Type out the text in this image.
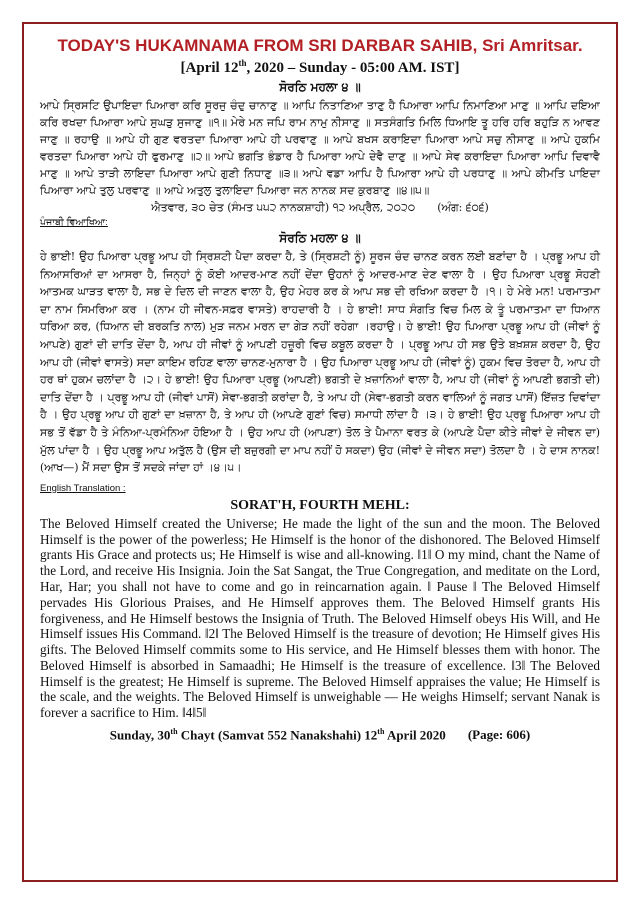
TODAY'S HUKAMNAMA FROM SRI DARBAR SAHIB, Sri Amritsar.
[April 12th, 2020 – Sunday - 05:00 AM. IST]
ਸੋਰਠਿ ਮਹਲਾ ੪ ॥

ਆਪੇ ਸ੍ਰਿਸਟਿ ਉਪਾਇਦਾ ਪਿਆਰਾ ਕਰਿ ਸੂਰਜੁ ਚੰਦੁ ਚਾਨਾਣੁ ॥ ਆਪਿ ਨਿਤਾਣਿਆ ਤਾਣੁ ਹੈ ਪਿਆਰਾ ਆਪਿ ਨਿਮਾਣਿਆ ਮਾਣੁ ॥ ਆਪਿ ਦਇਆ ਕਰਿ ਰਖਦਾ ਪਿਆਰਾ ਆਪੇ ਸੁਘੜੁ ਸੁਜਾਣੁ ॥੧॥ ਮੇਰੇ ਮਨ ਜਪਿ ਰਾਮ ਨਾਮੁ ਨੀਸਾਣੁ ॥ ਸਤਸੰਗਤਿ ਮਿਲਿ ਧਿਆਇ ਤੂ ਹਰਿ ਹਰਿ ਬਹੁੜਿ ਨ ਆਵਣ ਜਾਣੁ ॥ ਰਹਾਉ ॥ ਆਪੇ ਹੀ ਗੁਣ ਵਰਤਦਾ ਪਿਆਰਾ ਆਪੇ ਹੀ ਪਰਵਾਣੁ ॥ ਆਪੇ ਬਖਸ ਕਰਾਇਦਾ ਪਿਆਰਾ ਆਪੇ ਸਚੁ ਨੀਸਾਣੁ ॥ ਆਪੇ ਹੁਕਮਿ ਵਰਤਦਾ ਪਿਆਰਾ ਆਪੇ ਹੀ ਫੁਰਮਾਣੁ ॥੨॥ ਆਪੇ ਭਗਤਿ ਭੰਡਾਰ ਹੈ ਪਿਆਰਾ ਆਪੇ ਦੇਵੈ ਦਾਣੁ ॥ ਆਪੇ ਸੇਵ ਕਰਾਇਦਾ ਪਿਆਰਾ ਆਪਿ ਦਿਵਾਵੈ ਮਾਣੁ ॥ ਆਪੇ ਤਾੜੀ ਲਾਇਦਾ ਪਿਆਰਾ ਆਪੇ ਗੁਣੀ ਨਿਧਾਣੁ ॥੩॥ ਆਪੇ ਵਡਾ ਆਪਿ ਹੈ ਪਿਆਰਾ ਆਪੇ ਹੀ ਪਰਧਾਣੁ ॥ ਆਪੇ ਕੀਮਤਿ ਪਾਇਦਾ ਪਿਆਰਾ ਆਪੇ ਤੁਲੁ ਪਰਵਾਣੁ ॥ ਆਪੇ ਅਤੁਲੁ ਤੁਲਾਇਦਾ ਪਿਆਰਾ ਜਨ ਨਾਨਕ ਸਦ ਕੁਰਬਾਣੁ ॥੪॥੫॥

ਐਤਵਾਰ, ੩੦ ਚੇਤ (ਸੰਮਤ ੫੫੨ ਨਾਨਕਸ਼ਾਹੀ) ੧੨ ਅਪ੍ਰੈਲ, ੨੦੨੦ (ਅੰਗ: ੬੦੬)
ਪੰਜਾਬੀ ਵਿਆਖਿਆ:
ਸੋਰਠਿ ਮਹਲਾ ੪ ॥

ਹੇ ਭਾਈ! ਉਹ ਪਿਆਰਾ ਪ੍ਰਭੂ ਆਪ ਹੀ ਸ੍ਰਿਸ਼ਟੀ ਪੈਦਾ ਕਰਦਾ ਹੈ, ਤੇ (ਸ੍ਰਿਸ਼ਟੀ ਨੂੰ) ਸੂਰਜ ਚੰਦ ਚਾਨਣ ਕਰਨ ਲਈ ਬਣਾਂਦਾ ਹੈ । ਪ੍ਰਭੂ ਆਪ ਹੀ ਨਿਆਸਰਿਆਂ ਦਾ ਆਸਰਾ ਹੈ, ਜਿਨ੍ਹਾਂ ਨੂੰ ਕੋਈ ਆਦਰ-ਮਾਣ ਨਹੀਂ ਦੇਂਦਾ ਉਹਨਾਂ ਨੂੰ ਆਦਰ-ਮਾਣ ਦੇਣ ਵਾਲਾ ਹੈ । ਉਹ ਪਿਆਰਾ ਪ੍ਰਭੂ ਸੋਹਣੀ ਆਤਮਕ ਘਾੜਤ ਵਾਲਾ ਹੈ, ਸਭ ਦੇ ਦਿਲ ਦੀ ਜਾਣਨ ਵਾਲਾ ਹੈ, ਉਹ ਮੇਹਰ ਕਰ ਕੇ ਆਪ ਸਭ ਦੀ ਰਖਿਆ ਕਰਦਾ ਹੈ ।੧। ਹੇ ਮੇਰੇ ਮਨ! ਪਰਮਾਤਮਾ ਦਾ ਨਾਮ ਸਿਮਰਿਆ ਕਰ । (ਨਾਮ ਹੀ ਜੀਵਨ-ਸਫ਼ਰ ਵਾਸਤੇ) ਰਾਹਦਾਰੀ ਹੈ । ਹੇ ਭਾਈ! ਸਾਧ ਸੰਗਤਿ ਵਿਚ ਮਿਲ ਕੇ ਤੂੰ ਪਰਮਾਤਮਾ ਦਾ ਧਿਆਨ ਧਰਿਆ ਕਰ, (ਧਿਆਨ ਦੀ ਬਰਕਤਿ ਨਾਲ) ਮੁੜ ਜਨਮ ਮਰਨ ਦਾ ਗੇੜ ਨਹੀਂ ਰਹੇਗਾ ।ਰਹਾਉ। ਹੇ ਭਾਈ! ਉਹ ਪਿਆਰਾ ਪ੍ਰਭੂ ਆਪ ਹੀ (ਜੀਵਾਂ ਨੂੰ ਆਪਣੇ) ਗੁਣਾਂ ਦੀ ਦਾਤਿ ਦੇਂਦਾ ਹੈ, ਆਪ ਹੀ ਜੀਵਾਂ ਨੂੰ ਆਪਣੀ ਹਜ਼ੂਰੀ ਵਿਚ ਕਬੂਲ ਕਰਦਾ ਹੈ । ਪ੍ਰਭੂ ਆਪ ਹੀ ਸਭ ਉਤੇ ਬਖ਼ਸ਼ਸ਼ ਕਰਦਾ ਹੈ, ਉਹ ਆਪ ਹੀ (ਜੀਵਾਂ ਵਾਸਤੇ) ਸਦਾ ਕਾਇਮ ਰਹਿਣ ਵਾਲਾ ਚਾਨਣ-ਮੁਨਾਰਾ ਹੈ । ਉਹ ਪਿਆਰਾ ਪ੍ਰਭੂ ਆਪ ਹੀ (ਜੀਵਾਂ ਨੂੰ) ਹੁਕਮ ਵਿਚ ਤੋਰਦਾ ਹੈ, ਆਪ ਹੀ ਹਰ ਥਾਂ ਹੁਕਮ ਚਲਾਂਦਾ ਹੈ ।੨। ਹੇ ਭਾਈ! ਉਹ ਪਿਆਰਾ ਪ੍ਰਭੂ (ਆਪਣੀ) ਭਗਤੀ ਦੇ ਖ਼ਜ਼ਾਨਿਆਂ ਵਾਲਾ ਹੈ, ਆਪ ਹੀ (ਜੀਵਾਂ ਨੂੰ ਆਪਣੀ ਭਗਤੀ ਦੀ) ਦਾਤਿ ਦੇਂਦਾ ਹੈ । ਪ੍ਰਭੂ ਆਪ ਹੀ (ਜੀਵਾਂ ਪਾਸੋਂ) ਸੇਵਾ-ਭਗਤੀ ਕਰਾਂਦਾ ਹੈ, ਤੇ ਆਪ ਹੀ (ਸੇਵਾ-ਭਗਤੀ ਕਰਨ ਵਾਲਿਆਂ ਨੂੰ ਜਗਤ ਪਾਸੋਂ) ਇੱਜ਼ਤ ਦਿਵਾਂਦਾ ਹੈ । ਉਹ ਪ੍ਰਭੂ ਆਪ ਹੀ ਗੁਣਾਂ ਦਾ ਖ਼ਜ਼ਾਨਾ ਹੈ, ਤੇ ਆਪ ਹੀ (ਆਪਣੇ ਗੁਣਾਂ ਵਿਚ) ਸਮਾਧੀ ਲਾਂਦਾ ਹੈ ।੩। ਹੇ ਭਾਈ! ਉਹ ਪ੍ਰਭੂ ਪਿਆਰਾ ਆਪ ਹੀ ਸਭ ਤੋਂ ਵੱਡਾ ਹੈ ਤੇ ਮੰਨਿਆ-ਪ੍ਰਮੰਨਿਆ ਹੋਇਆ ਹੈ । ਉਹ ਆਪ ਹੀ (ਆਪਣਾ) ਤੋਲ ਤੇ ਪੈਮਾਨਾ ਵਰਤ ਕੇ (ਆਪਣੇ ਪੈਦਾ ਕੀਤੇ ਜੀਵਾਂ ਦੇ ਜੀਵਨ ਦਾ) ਮੁੱਲ ਪਾਂਦਾ ਹੈ । ਉਹ ਪ੍ਰਭੂ ਆਪ ਅਤੁੱਲ ਹੈ (ਉਸ ਦੀ ਬਜ਼ੁਰਗੀ ਦਾ ਮਾਪ ਨਹੀਂ ਹੋ ਸਕਦਾ) ਉਹ (ਜੀਵਾਂ ਦੇ ਜੀਵਨ ਸਦਾ) ਤੋਲਦਾ ਹੈ । ਹੇ ਦਾਸ ਨਾਨਕ! (ਆਖ—) ਮੈਂ ਸਦਾ ਉਸ ਤੋਂ ਸਦਕੇ ਜਾਂਦਾ ਹਾਂ ।੪।੫।

English Translation :
SORAT'H, FOURTH MEHL:

The Beloved Himself created the Universe; He made the light of the sun and the moon. The Beloved Himself is the power of the powerless; He Himself is the honor of the dishonored. The Beloved Himself grants His Grace and protects us; He Himself is wise and all-knowing. ‖1‖ O my mind, chant the Name of the Lord, and receive His Insignia. Join the Sat Sangat, the True Congregation, and meditate on the Lord, Har, Har; you shall not have to come and go in reincarnation again. ‖ Pause ‖ The Beloved Himself pervades His Glorious Praises, and He Himself approves them. The Beloved Himself grants His forgiveness, and He Himself bestows the Insignia of Truth. The Beloved Himself obeys His Will, and He Himself issues His Command. ‖2‖ The Beloved Himself is the treasure of devotion; He Himself gives His gifts. The Beloved Himself commits some to His service, and He Himself blesses them with honor. The Beloved Himself is absorbed in Samaadhi; He Himself is the treasure of excellence. ‖3‖ The Beloved Himself is the greatest; He Himself is supreme. The Beloved Himself appraises the value; He Himself is the scale, and the weights. The Beloved Himself is unweighable — He weighs Himself; servant Nanak is forever a sacrifice to Him. ‖4‖5‖

Sunday, 30th Chayt (Samvat 552 Nanakshahi) 12th April 2020 (Page: 606)
